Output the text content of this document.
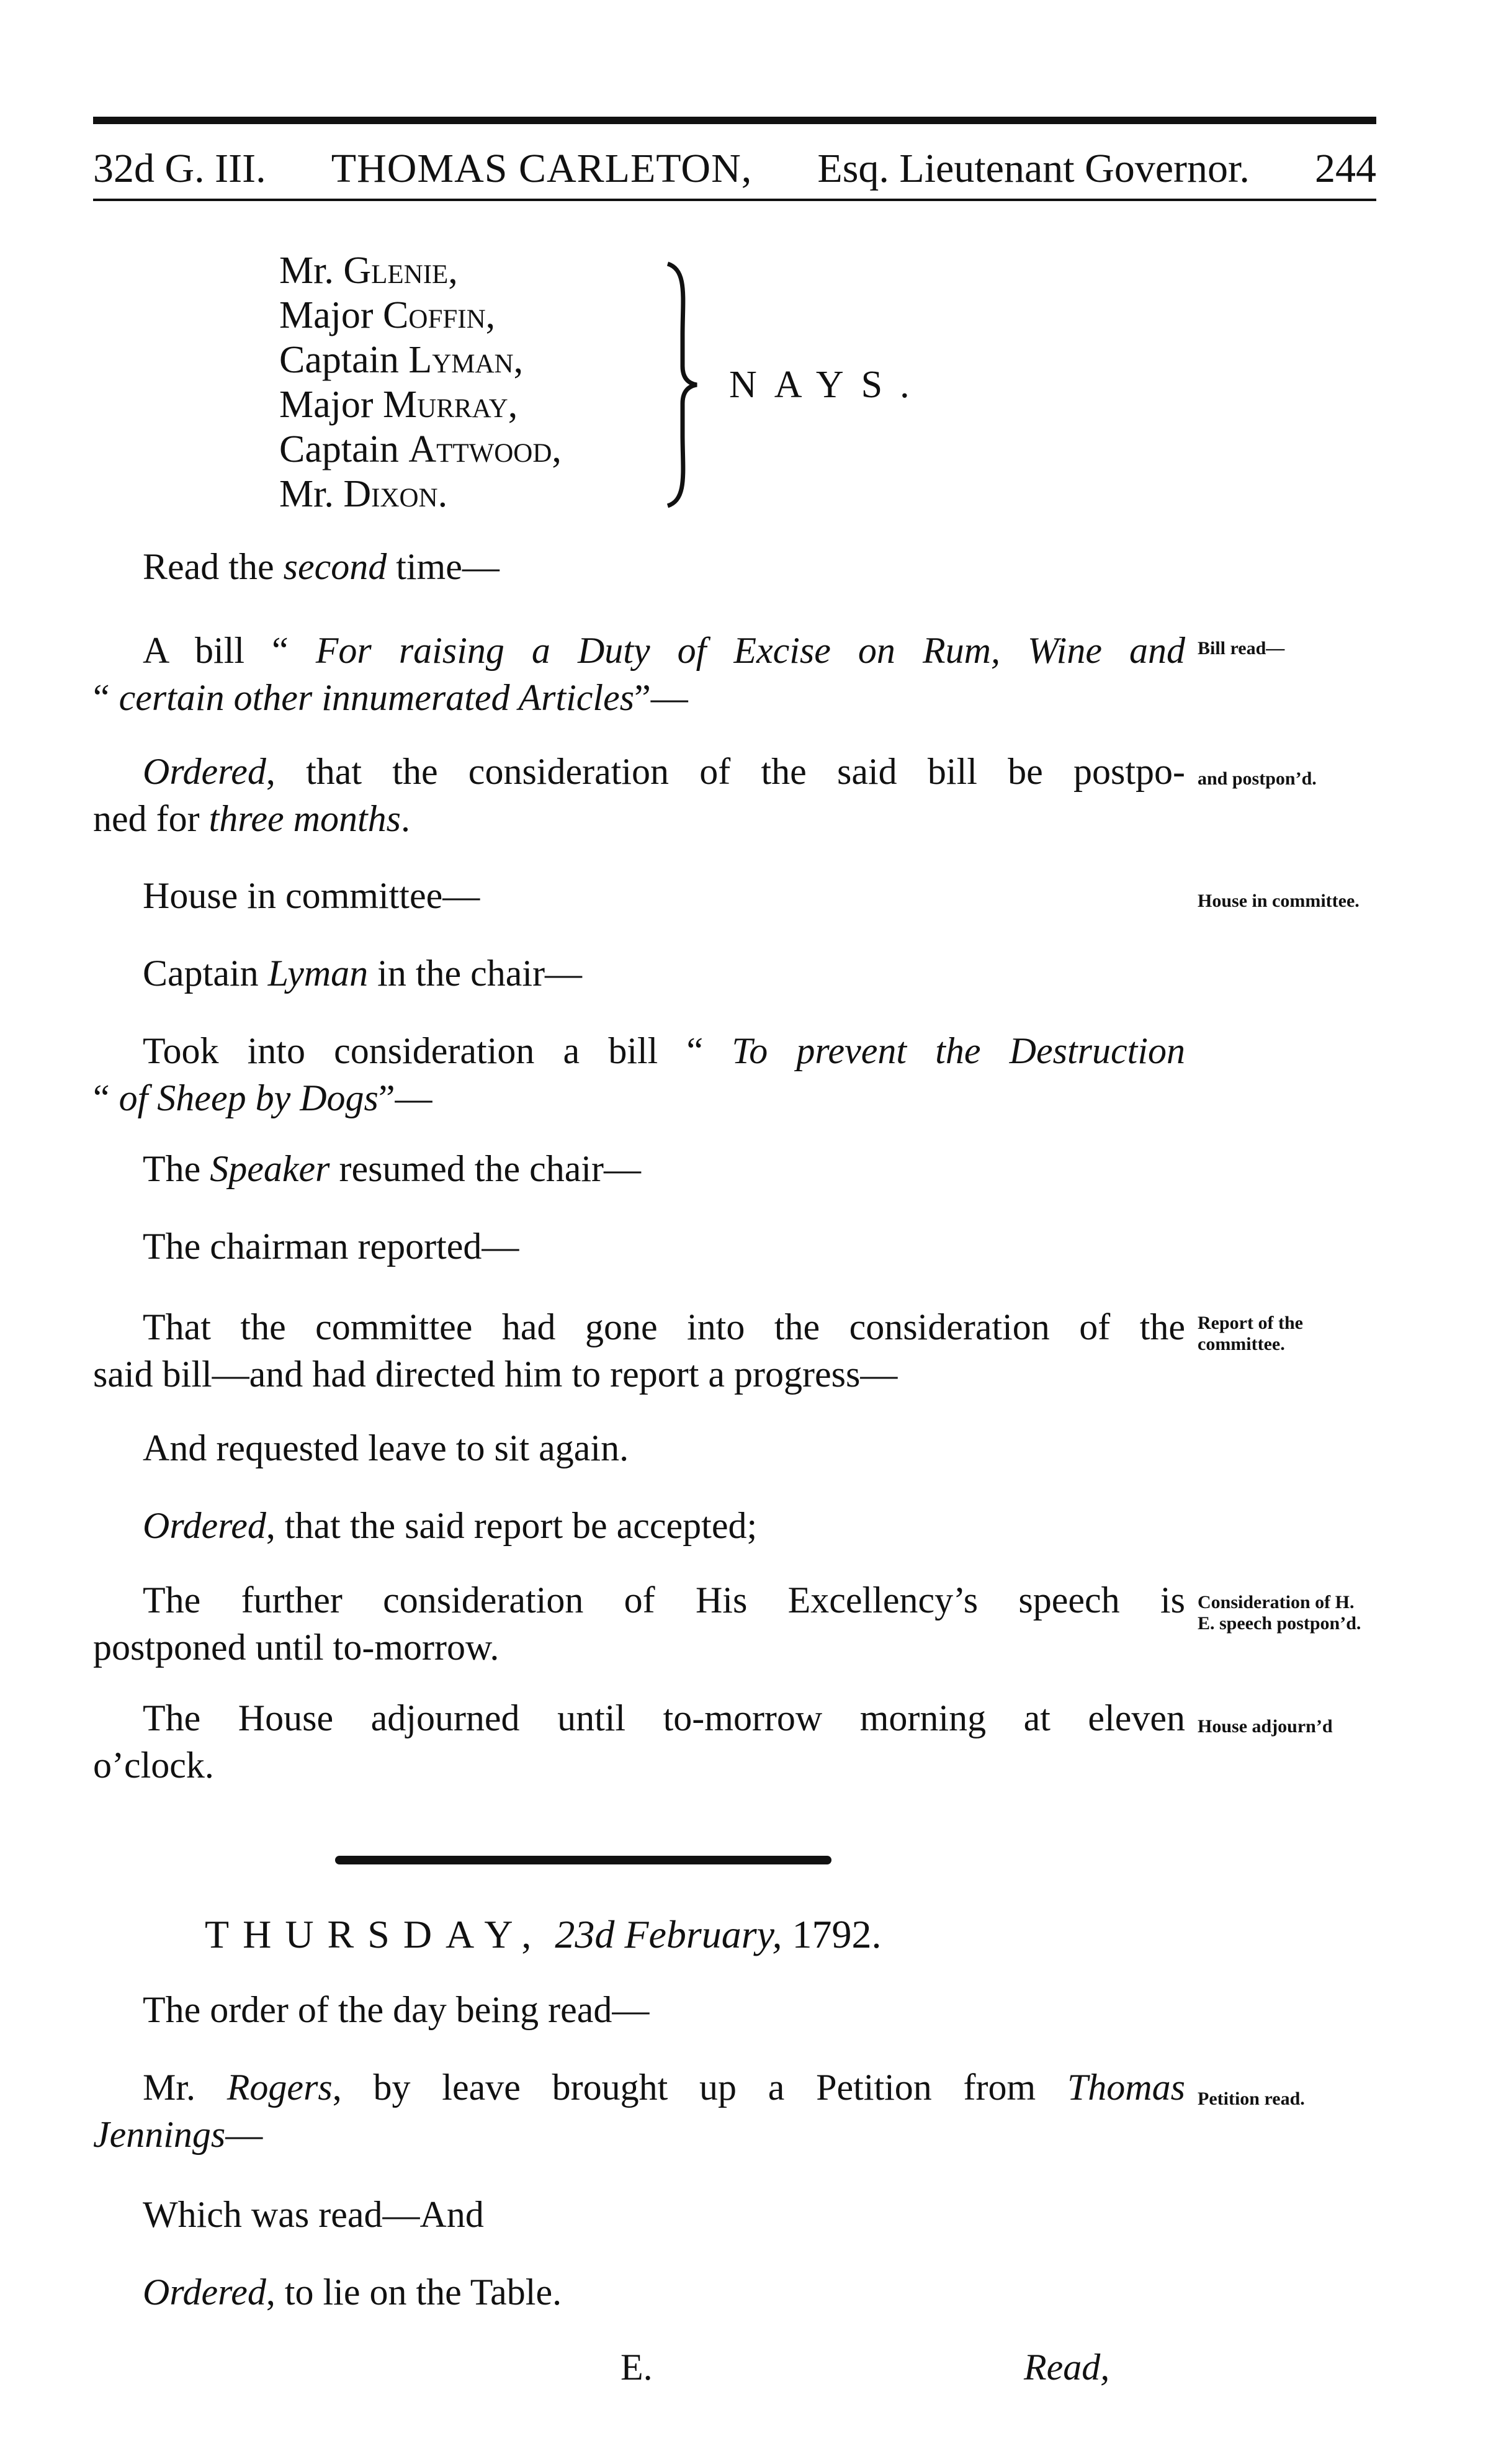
32d G. III. THOMAS CARLETON, Esq. Lieutenant Governor. 244
Mr. Glenie,
Major Coffin,
Captain Lyman,
Major Murray,
Captain Attwood,
Mr. Dixon.
NAYS.
Read the second time—
A bill “ For raising a Duty of Excise on Rum, Wine and
“ certain other innumerated Articles”—
Bill read—
Ordered, that the consideration of the said bill be postpo-
ned for three months.
and postpon’d.
House in committee—	House in committee.
Captain Lyman in the chair—
Took into consideration a bill “ To prevent the Destruction
“ of Sheep by Dogs”—
The Speaker resumed the chair—
The chairman reported—
That the committee had gone into the consideration of the
said bill—and had directed him to report a progress—
Report of the committee.
And requested leave to sit again.
Ordered, that the said report be accepted;
The further consideration of His Excellency’s speech is
postponed until to-morrow.
Consideration of H. E. speech postpon’d.
The House adjourned until to-morrow morning at eleven
o’clock.
House adjourn’d
THURSDAY, 23d February, 1792.
The order of the day being read—
Mr. Rogers, by leave brought up a Petition from Thomas
Jennings—
Petition read.
Which was read—And
Ordered, to lie on the Table.
E.	Read,
